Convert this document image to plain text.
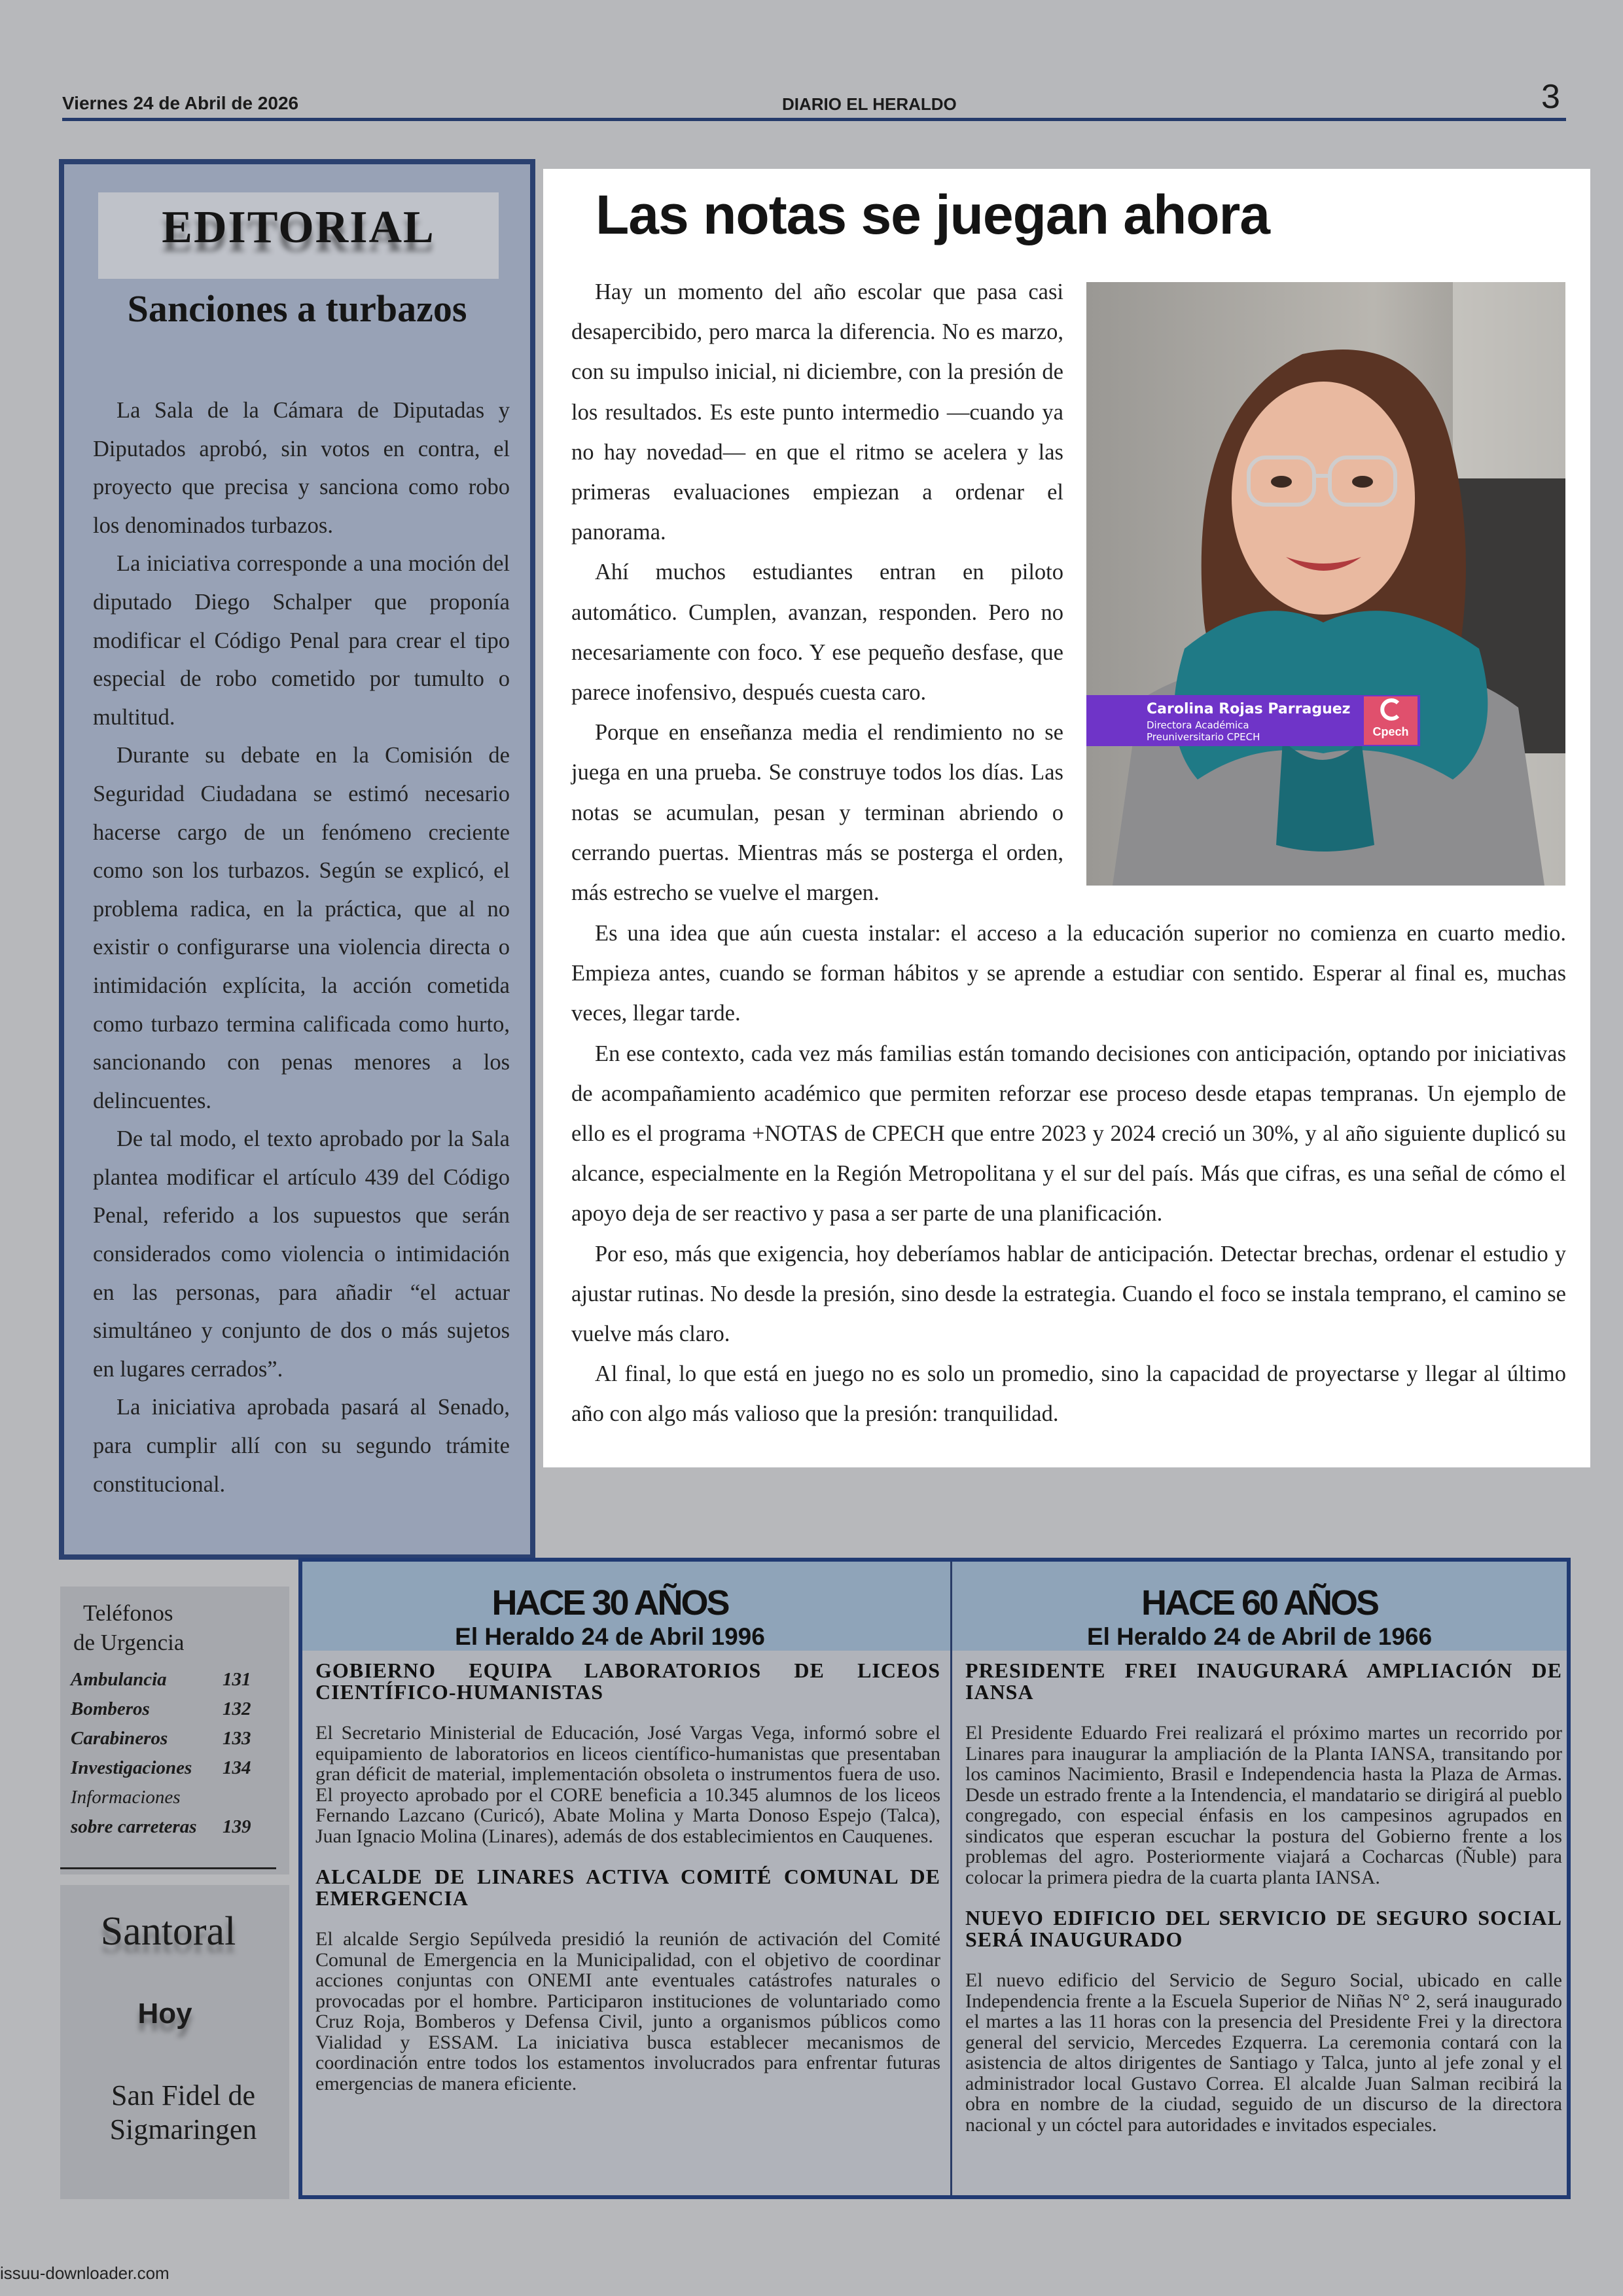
Viernes 24 de Abril de 2026	DIARIO EL HERALDO	3
EDITORIAL
Sanciones a turbazos

La Sala de la Cámara de Diputadas y Diputados aprobó, sin votos en contra, el proyecto que precisa y sanciona como robo los denominados turbazos.

La iniciativa corresponde a una moción del diputado Diego Schalper que proponía modificar el Código Penal para crear el tipo especial de robo cometido por tumulto o multitud.

Durante su debate en la Comisión de Seguridad Ciudadana se estimó necesario hacerse cargo de un fenómeno creciente como son los turbazos. Según se explicó, el problema radica, en la práctica, que al no existir o configurarse una violencia directa o intimidación explícita, la acción cometida como turbazo termina calificada como hurto, sancionando con penas menores a los delincuentes.

De tal modo, el texto aprobado por la Sala plantea modificar el artículo 439 del Código Penal, referido a los supuestos que serán considerados como violencia o intimidación en las personas, para añadir “el actuar simultáneo y conjunto de dos o más sujetos en lugares cerrados”.

La iniciativa aprobada pasará al Senado, para cumplir allí con su segundo trámite constitucional.

Las notas se juegan ahora

Hay un momento del año escolar que pasa casi desapercibido, pero marca la diferencia. No es marzo, con su impulso inicial, ni diciembre, con la presión de los resultados. Es este punto intermedio —cuando ya no hay novedad— en que el ritmo se acelera y las primeras evaluaciones empiezan a ordenar el panorama.

Ahí muchos estudiantes entran en piloto automático. Cumplen, avanzan, responden. Pero no necesariamente con foco. Y ese pequeño desfase, que parece inofensivo, después cuesta caro.

Porque en enseñanza media el rendimiento no se juega en una prueba. Se construye todos los días. Las notas se acumulan, pesan y terminan abriendo o cerrando puertas. Mientras más se posterga el orden, más estrecho se vuelve el margen.

Es una idea que aún cuesta instalar: el acceso a la educación superior no comienza en cuarto medio. Empieza antes, cuando se forman hábitos y se aprende a estudiar con sentido. Esperar al final es, muchas veces, llegar tarde.

En ese contexto, cada vez más familias están tomando decisiones con anticipación, optando por iniciativas de acompañamiento académico que permiten reforzar ese proceso desde etapas tempranas. Un ejemplo de ello es el programa +NOTAS de CPECH que entre 2023 y 2024 creció un 30%, y al año siguiente duplicó su alcance, especialmente en la Región Metropolitana y el sur del país. Más que cifras, es una señal de cómo el apoyo deja de ser reactivo y pasa a ser parte de una planificación.

Por eso, más que exigencia, hoy deberíamos hablar de anticipación. Detectar brechas, ordenar el estudio y ajustar rutinas. No desde la presión, sino desde la estrategia. Cuando el foco se instala temprano, el camino se vuelve más claro.

Al final, lo que está en juego no es solo un promedio, sino la capacidad de proyectarse y llegar al último año con algo más valioso que la presión: tranquilidad.

Carolina Rojas Parraguez
Directora Académica
Preuniversitario CPECH	Cpech
Teléfonos
de Urgencia
Ambulancia	131
Bomberos	132
Carabineros	133
Investigaciones 134
Informaciones
sobre carreteras 139
Santoral
Hoy
San Fidel de
Sigmaringen
HACE 30 AÑOS
El Heraldo 24 de Abril 1996
HACE 60 AÑOS
El Heraldo 24 de Abril de 1966
GOBIERNO EQUIPA LABORATORIOS DE LICEOS CIENTÍFICO-HUMANISTAS

El Secretario Ministerial de Educación, José Vargas Vega, informó sobre el equipamiento de laboratorios en liceos científico-humanistas que presentaban gran déficit de material, implementación obsoleta o instrumentos fuera de uso. El proyecto aprobado por el CORE beneficia a 10.345 alumnos de los liceos Fernando Lazcano (Curicó), Abate Molina y Marta Donoso Espejo (Talca), Juan Ignacio Molina (Linares), además de dos establecimientos en Cauquenes.

ALCALDE DE LINARES ACTIVA COMITÉ COMUNAL DE EMERGENCIA

El alcalde Sergio Sepúlveda presidió la reunión de activación del Comité Comunal de Emergencia en la Municipalidad, con el objetivo de coordinar acciones conjuntas con ONEMI ante eventuales catástrofes naturales o provocadas por el hombre. Participaron instituciones de voluntariado como Cruz Roja, Bomberos y Defensa Civil, junto a organismos públicos como Vialidad y ESSAM. La iniciativa busca establecer mecanismos de coordinación entre todos los estamentos involucrados para enfrentar futuras emergencias de manera eficiente.

PRESIDENTE FREI INAUGURARÁ AMPLIACIÓN DE IANSA

El Presidente Eduardo Frei realizará el próximo martes un recorrido por Linares para inaugurar la ampliación de la Planta IANSA, transitando por los caminos Nacimiento, Brasil e Independencia hasta la Plaza de Armas. Desde un estrado frente a la Intendencia, el mandatario se dirigirá al pueblo congregado, con especial énfasis en los campesinos agrupados en sindicatos que esperan escuchar la postura del Gobierno frente a los problemas del agro. Posteriormente viajará a Cocharcas (Ñuble) para colocar la primera piedra de la cuarta planta IANSA.

NUEVO EDIFICIO DEL SERVICIO DE SEGURO SOCIAL SERÁ INAUGURADO

El nuevo edificio del Servicio de Seguro Social, ubicado en calle Independencia frente a la Escuela Superior de Niñas N° 2, será inaugurado el martes a las 11 horas con la presencia del Presidente Frei y la directora general del servicio, Mercedes Ezquerra. La ceremonia contará con la asistencia de altos dirigentes de Santiago y Talca, junto al jefe zonal y el administrador local Gustavo Correa. El alcalde Juan Salman recibirá la obra en nombre de la ciudad, seguido de un discurso de la directora nacional y un cóctel para autoridades e invitados especiales.

issuu-downloader.com
